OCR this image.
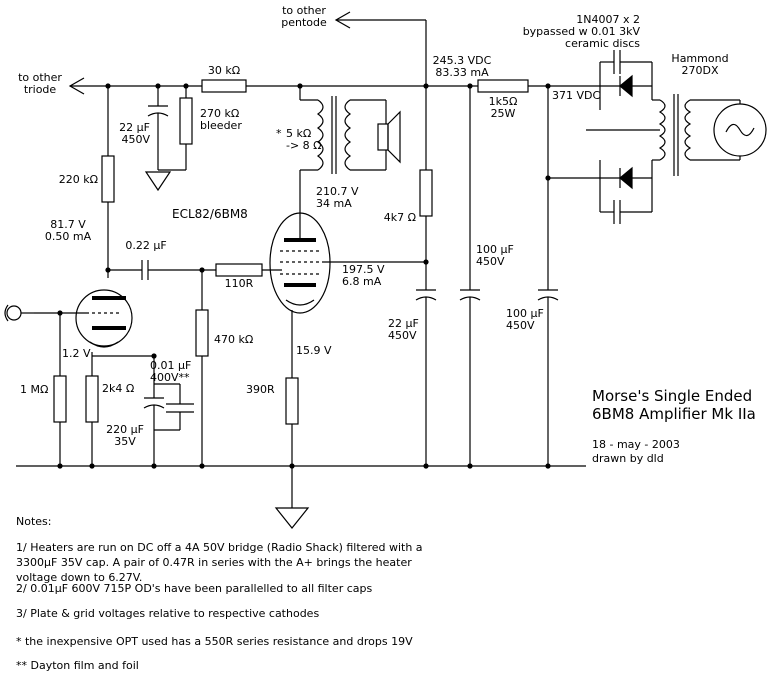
to other
pentode
to other
triode
30 kΩ
270 kΩ
bleeder
22 µF
450V
220 kΩ
81.7 V
0.50 mA
* 5 kΩ
-> 8 Ω
210.7 V
34 mA
ECL82/6BM8
0.22 µF
110R
197.5 V
6.8 mA
4k7 Ω
22 µF
450V
100 µF
450V
100 µF
450V
245.3 VDC
83.33 mA
1k5Ω
25W
371 VDC
1N4007 x 2
bypassed w 0.01 3kV
ceramic discs
Hammond
270DX
470 kΩ
1.2 V
1 MΩ	2k4 Ω
0.01 µF
400V**
220 µF
35V
15.9 V
390R	Morse's Single Ended
6BM8 Amplifier Mk IIa
18 - may - 2003
drawn by dld
Notes:
1/ Heaters are run on DC off a 4A 50V bridge (Radio Shack) filtered with a 3300µF 35V cap. A pair of 0.47R in series with the A+ brings the heater voltage down to 6.27V.
2/ 0.01µF 600V 715P OD's have been parallelled to all filter caps
3/ Plate & grid voltages relative to respective cathodes
* the inexpensive OPT used has a 550R series resistance and drops 19V
** Dayton film and foil
